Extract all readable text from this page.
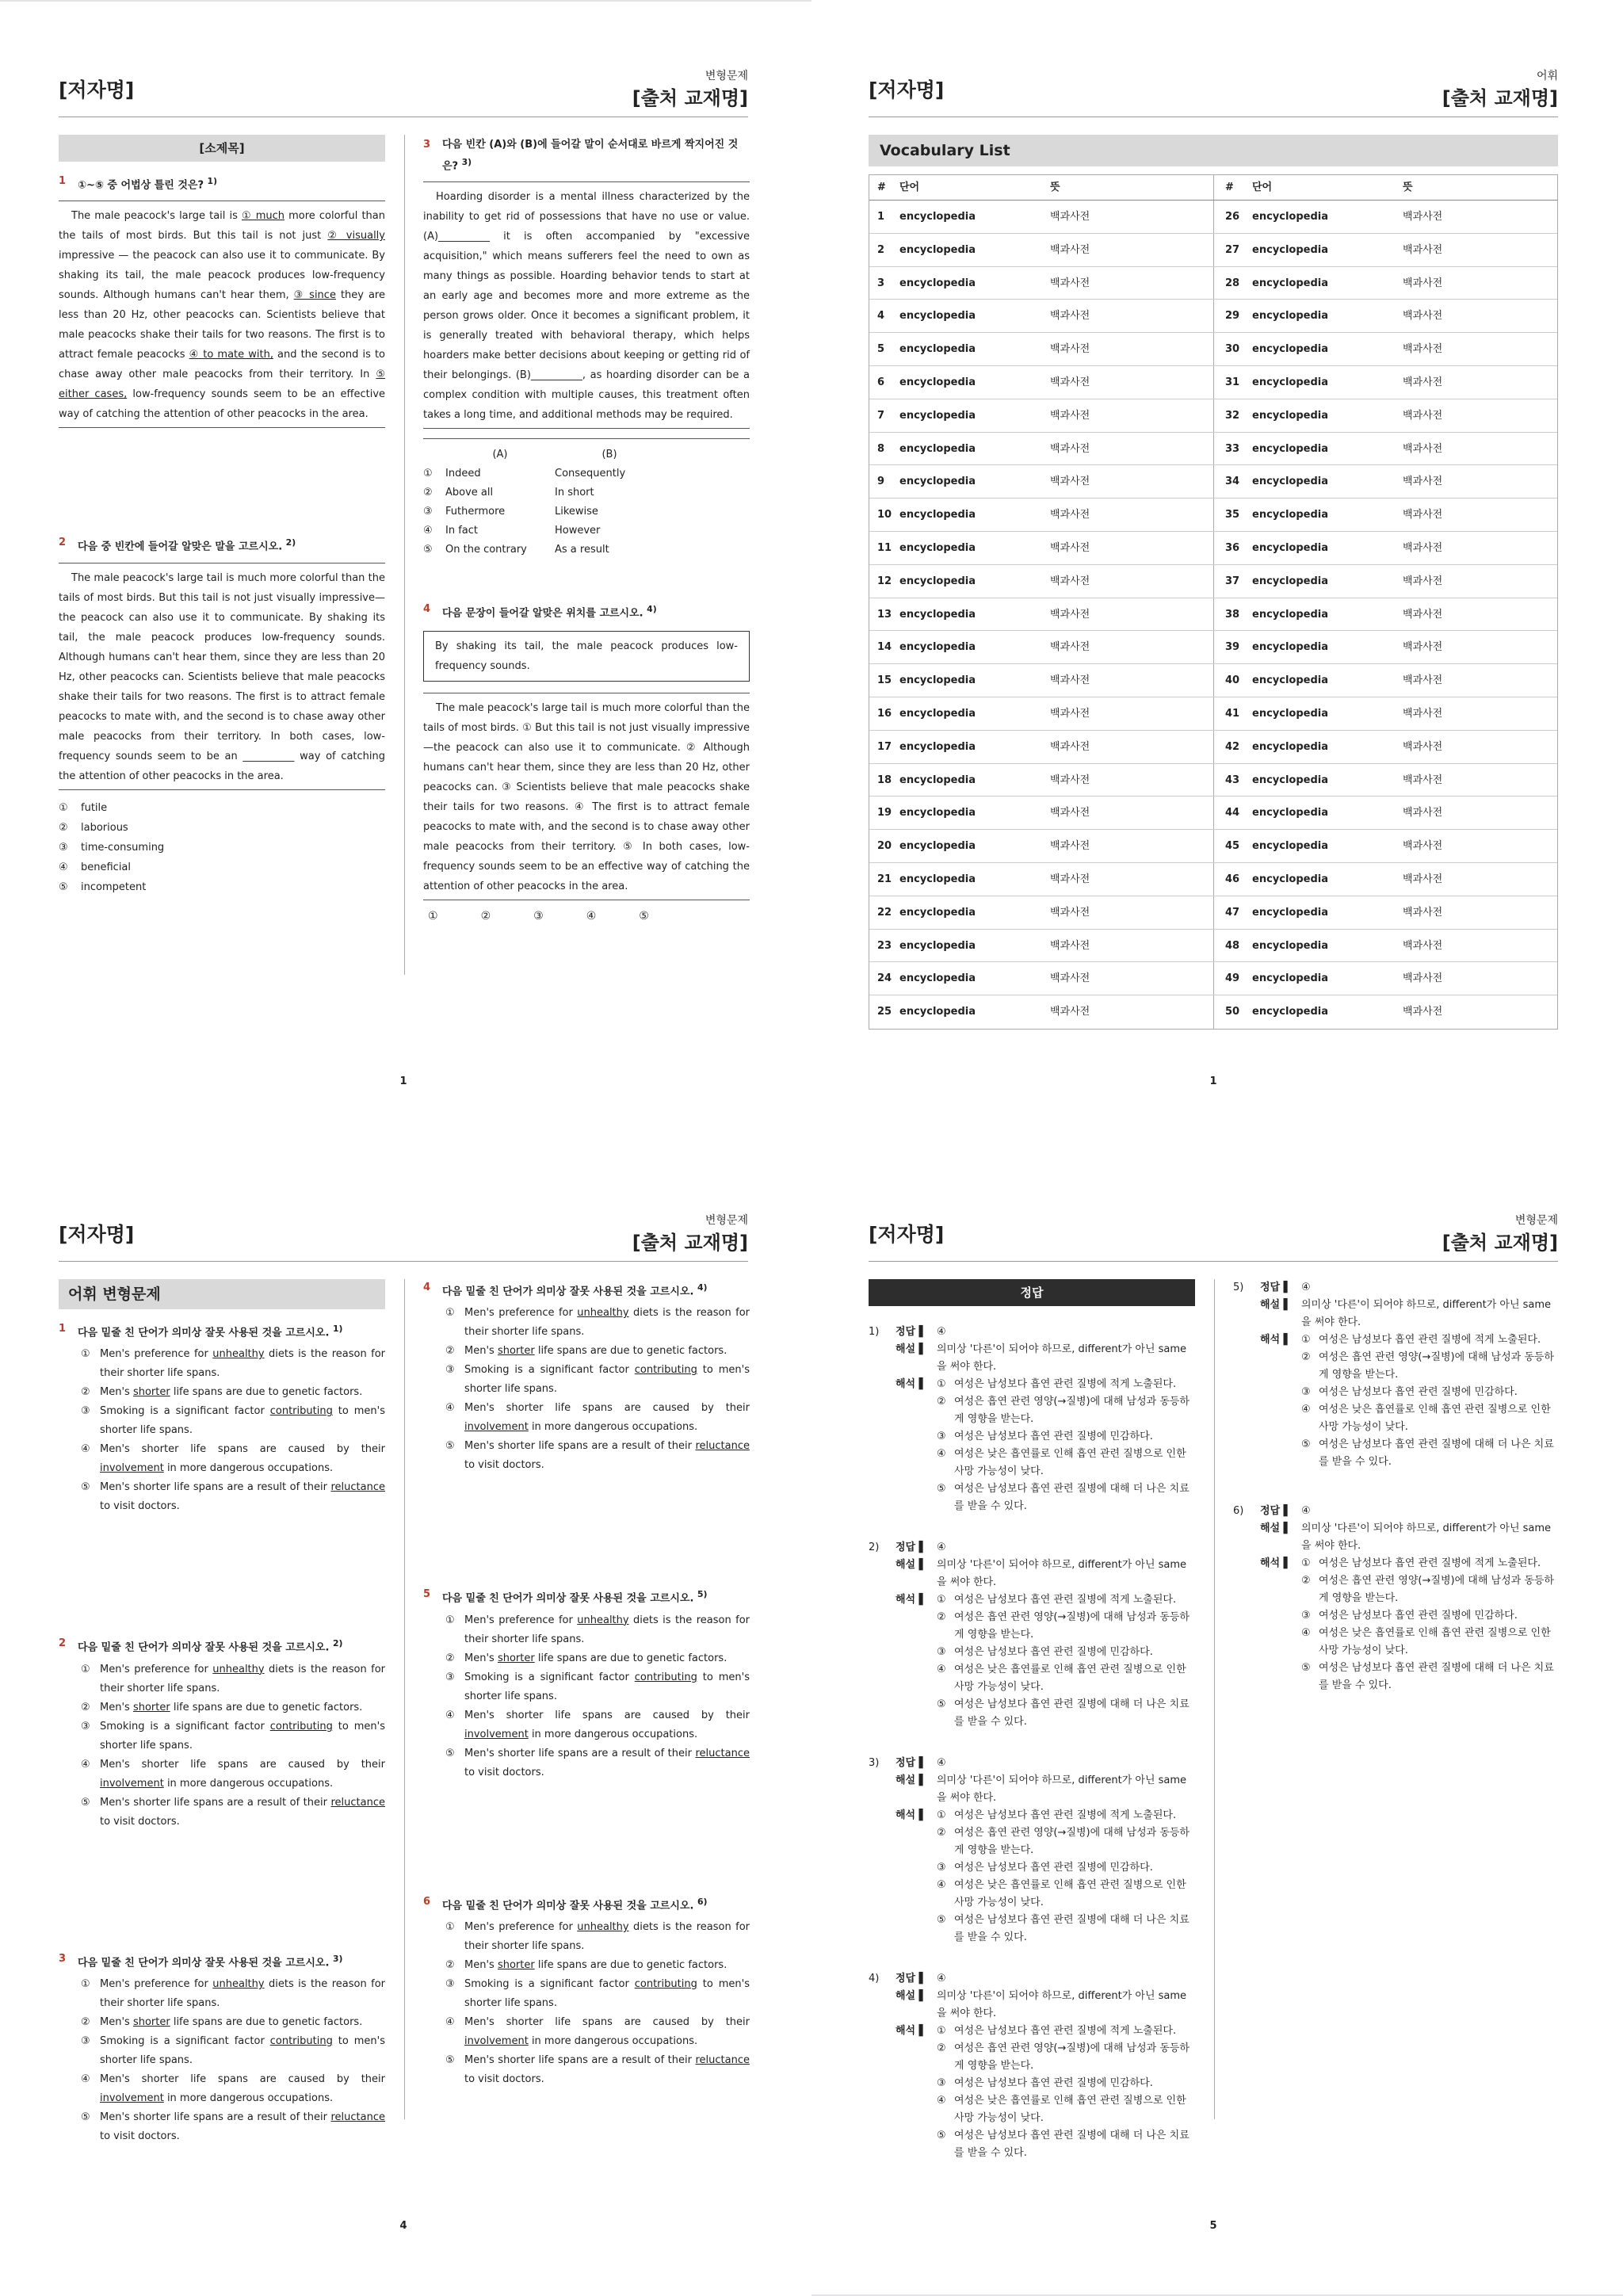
[저자명]
변형문제
[출처 교재명]
[소제목]
1	①~⑤ 중 어법상 틀린 것은? $^{1)}$
The male peacock's large tail is ① much more colorful than the tails of most birds. But this tail is not just ② visually impressive — the peacock can also use it to communicate. By shaking its tail, the male peacock produces low-frequency sounds. Although humans can't hear them, ③ since they are less than 20 Hz, other peacocks can. Scientists believe that male peacocks shake their tails for two reasons. The first is to attract female peacocks ④ to mate with, and the second is to chase away other male peacocks from their territory. In ⑤ either cases, low-frequency sounds seem to be an effective way of catching the attention of other peacocks in the area.
2	다음 중 빈칸에 들어갈 알맞은 말을 고르시오. $^{2)}$
The male peacock's large tail is much more colorful than the tails of most birds. But this tail is not just visually impressive—the peacock can also use it to communicate. By shaking its tail, the male peacock produces low-frequency sounds. Although humans can't hear them, since they are less than 20 Hz, other peacocks can. Scientists believe that male peacocks shake their tails for two reasons. The first is to attract female peacocks to mate with, and the second is to chase away other male peacocks from their territory. In both cases, low-frequency sounds seem to be an __________ way of catching the attention of other peacocks in the area.
①	futile
②	laborious
③	time-consuming
④	beneficial
⑤	incompetent
3	다음 빈칸 (A)와 (B)에 들어갈 말이 순서대로 바르게 짝지어진 것은? $^{3)}$
Hoarding disorder is a mental illness characterized by the inability to get rid of possessions that have no use or value. (A)__________ it is often accompanied by "excessive acquisition," which means sufferers feel the need to own as many things as possible. Hoarding behavior tends to start at an early age and becomes more and more extreme as the person grows older. Once it becomes a significant problem, it is generally treated with behavioral therapy, which helps hoarders make better decisions about keeping or getting rid of their belongings. (B)__________, as hoarding disorder can be a complex condition with multiple causes, this treatment often takes a long time, and additional methods may be required.
(A)	(B)
①	Indeed	Consequently
②	Above all	In short
③	Futhermore	Likewise
④	In fact	However
⑤	On the contrary	As a result
4	다음 문장이 들어갈 알맞은 위치를 고르시오. $^{4)}$
By shaking its tail, the male peacock produces low-frequency sounds.
The male peacock's large tail is much more colorful than the tails of most birds. ① But this tail is not just visually impressive—the peacock can also use it to communicate. ② Although humans can't hear them, since they are less than 20 Hz, other peacocks can. ③ Scientists believe that male peacocks shake their tails for two reasons. ④ The first is to attract female peacocks to mate with, and the second is to chase away other male peacocks from their territory. ⑤ In both cases, low-frequency sounds seem to be an effective way of catching the attention of other peacocks in the area.
①	②	③	④	⑤
1
[저자명]
어휘
[출처 교재명]
Vocabulary List
#	단어	뜻	#	단어	뜻
1	encyclopedia	백과사전	26	encyclopedia	백과사전
2	encyclopedia	백과사전	27	encyclopedia	백과사전
3	encyclopedia	백과사전	28	encyclopedia	백과사전
4	encyclopedia	백과사전	29	encyclopedia	백과사전
5	encyclopedia	백과사전	30	encyclopedia	백과사전
6	encyclopedia	백과사전	31	encyclopedia	백과사전
7	encyclopedia	백과사전	32	encyclopedia	백과사전
8	encyclopedia	백과사전	33	encyclopedia	백과사전
9	encyclopedia	백과사전	34	encyclopedia	백과사전
10 encyclopedia	백과사전	35	encyclopedia	백과사전
11 encyclopedia	백과사전	36	encyclopedia	백과사전
12 encyclopedia	백과사전	37	encyclopedia	백과사전
13 encyclopedia	백과사전	38	encyclopedia	백과사전
14 encyclopedia	백과사전	39	encyclopedia	백과사전
15 encyclopedia	백과사전	40	encyclopedia	백과사전
16 encyclopedia	백과사전	41	encyclopedia	백과사전
17 encyclopedia	백과사전	42	encyclopedia	백과사전
18 encyclopedia	백과사전	43	encyclopedia	백과사전
19 encyclopedia	백과사전	44	encyclopedia	백과사전
20 encyclopedia	백과사전	45	encyclopedia	백과사전
21 encyclopedia	백과사전	46	encyclopedia	백과사전
22 encyclopedia	백과사전	47	encyclopedia	백과사전
23 encyclopedia	백과사전	48	encyclopedia	백과사전
24 encyclopedia	백과사전	49	encyclopedia	백과사전
25 encyclopedia	백과사전	50	encyclopedia	백과사전
1
[저자명]
변형문제
[출처 교재명]
어휘 변형문제
1	다음 밑줄 친 단어가 의미상 잘못 사용된 것을 고르시오. $^{1)}$
① Men's preference for unhealthy diets is the reason for their shorter life spans.
② Men's shorter life spans are due to genetic factors.
③ Smoking is a significant factor contributing to men's shorter life spans.
④ Men's shorter life spans are caused by their involvement in more dangerous occupations.
⑤ Men's shorter life spans are a result of their reluctance to visit doctors.
2	다음 밑줄 친 단어가 의미상 잘못 사용된 것을 고르시오. $^{2)}$
① Men's preference for unhealthy diets is the reason for their shorter life spans.
② Men's shorter life spans are due to genetic factors.
③ Smoking is a significant factor contributing to men's shorter life spans.
④ Men's shorter life spans are caused by their involvement in more dangerous occupations.
⑤ Men's shorter life spans are a result of their reluctance to visit doctors.
3	다음 밑줄 친 단어가 의미상 잘못 사용된 것을 고르시오. $^{3)}$
① Men's preference for unhealthy diets is the reason for their shorter life spans.
② Men's shorter life spans are due to genetic factors.
③ Smoking is a significant factor contributing to men's shorter life spans.
④ Men's shorter life spans are caused by their involvement in more dangerous occupations.
⑤ Men's shorter life spans are a result of their reluctance to visit doctors.
4	다음 밑줄 친 단어가 의미상 잘못 사용된 것을 고르시오. $^{4)}$
① Men's preference for unhealthy diets is the reason for their shorter life spans.
② Men's shorter life spans are due to genetic factors.
③ Smoking is a significant factor contributing to men's shorter life spans.
④ Men's shorter life spans are caused by their involvement in more dangerous occupations.
⑤ Men's shorter life spans are a result of their reluctance to visit doctors.
5	다음 밑줄 친 단어가 의미상 잘못 사용된 것을 고르시오. $^{5)}$
① Men's preference for unhealthy diets is the reason for their shorter life spans.
② Men's shorter life spans are due to genetic factors.
③ Smoking is a significant factor contributing to men's shorter life spans.
④ Men's shorter life spans are caused by their involvement in more dangerous occupations.
⑤ Men's shorter life spans are a result of their reluctance to visit doctors.
6	다음 밑줄 친 단어가 의미상 잘못 사용된 것을 고르시오. $^{6)}$
① Men's preference for unhealthy diets is the reason for their shorter life spans.
② Men's shorter life spans are due to genetic factors.
③ Smoking is a significant factor contributing to men's shorter life spans.
④ Men's shorter life spans are caused by their involvement in more dangerous occupations.
⑤ Men's shorter life spans are a result of their reluctance to visit doctors.
4
[저자명]
변형문제
[출처 교재명]
정답
1)	정답 ▌ ④
해설 ▌ 의미상 '다른'이 되어야 하므로, different가 아닌 same을 써야 한다.
해석 ▌ ① 여성은 남성보다 흡연 관련 질병에 적게 노출된다.
② 여성은 흡연 관련 영양(→질병)에 대해 남성과 동등하게 영향을 받는다.
③ 여성은 남성보다 흡연 관련 질병에 민감하다.
④ 여성은 낮은 흡연률로 인해 흡연 관련 질병으로 인한 사망 가능성이 낮다.
⑤ 여성은 남성보다 흡연 관련 질병에 대해 더 나은 치료를 받을 수 있다.
2)	정답 ▌ ④
해설 ▌ 의미상 '다른'이 되어야 하므로, different가 아닌 same을 써야 한다.
해석 ▌ ① 여성은 남성보다 흡연 관련 질병에 적게 노출된다.
② 여성은 흡연 관련 영양(→질병)에 대해 남성과 동등하게 영향을 받는다.
③ 여성은 남성보다 흡연 관련 질병에 민감하다.
④ 여성은 낮은 흡연률로 인해 흡연 관련 질병으로 인한 사망 가능성이 낮다.
⑤ 여성은 남성보다 흡연 관련 질병에 대해 더 나은 치료를 받을 수 있다.
3)	정답 ▌ ④
해설 ▌ 의미상 '다른'이 되어야 하므로, different가 아닌 same을 써야 한다.
해석 ▌ ① 여성은 남성보다 흡연 관련 질병에 적게 노출된다.
② 여성은 흡연 관련 영양(→질병)에 대해 남성과 동등하게 영향을 받는다.
③ 여성은 남성보다 흡연 관련 질병에 민감하다.
④ 여성은 낮은 흡연률로 인해 흡연 관련 질병으로 인한 사망 가능성이 낮다.
⑤ 여성은 남성보다 흡연 관련 질병에 대해 더 나은 치료를 받을 수 있다.
4)	정답 ▌ ④
해설 ▌ 의미상 '다른'이 되어야 하므로, different가 아닌 same을 써야 한다.
해석 ▌ ① 여성은 남성보다 흡연 관련 질병에 적게 노출된다.
② 여성은 흡연 관련 영양(→질병)에 대해 남성과 동등하게 영향을 받는다.
③ 여성은 남성보다 흡연 관련 질병에 민감하다.
④ 여성은 낮은 흡연률로 인해 흡연 관련 질병으로 인한 사망 가능성이 낮다.
⑤ 여성은 남성보다 흡연 관련 질병에 대해 더 나은 치료를 받을 수 있다.
5)	정답 ▌ ④
해설 ▌ 의미상 '다른'이 되어야 하므로, different가 아닌 same을 써야 한다.
해석 ▌ ① 여성은 남성보다 흡연 관련 질병에 적게 노출된다.
② 여성은 흡연 관련 영양(→질병)에 대해 남성과 동등하게 영향을 받는다.
③ 여성은 남성보다 흡연 관련 질병에 민감하다.
④ 여성은 낮은 흡연률로 인해 흡연 관련 질병으로 인한 사망 가능성이 낮다.
⑤ 여성은 남성보다 흡연 관련 질병에 대해 더 나은 치료를 받을 수 있다.
6)	정답 ▌ ④
해설 ▌ 의미상 '다른'이 되어야 하므로, different가 아닌 same을 써야 한다.
해석 ▌ ① 여성은 남성보다 흡연 관련 질병에 적게 노출된다.
② 여성은 흡연 관련 영양(→질병)에 대해 남성과 동등하게 영향을 받는다.
③ 여성은 남성보다 흡연 관련 질병에 민감하다.
④ 여성은 낮은 흡연률로 인해 흡연 관련 질병으로 인한 사망 가능성이 낮다.
⑤ 여성은 남성보다 흡연 관련 질병에 대해 더 나은 치료를 받을 수 있다.
5
